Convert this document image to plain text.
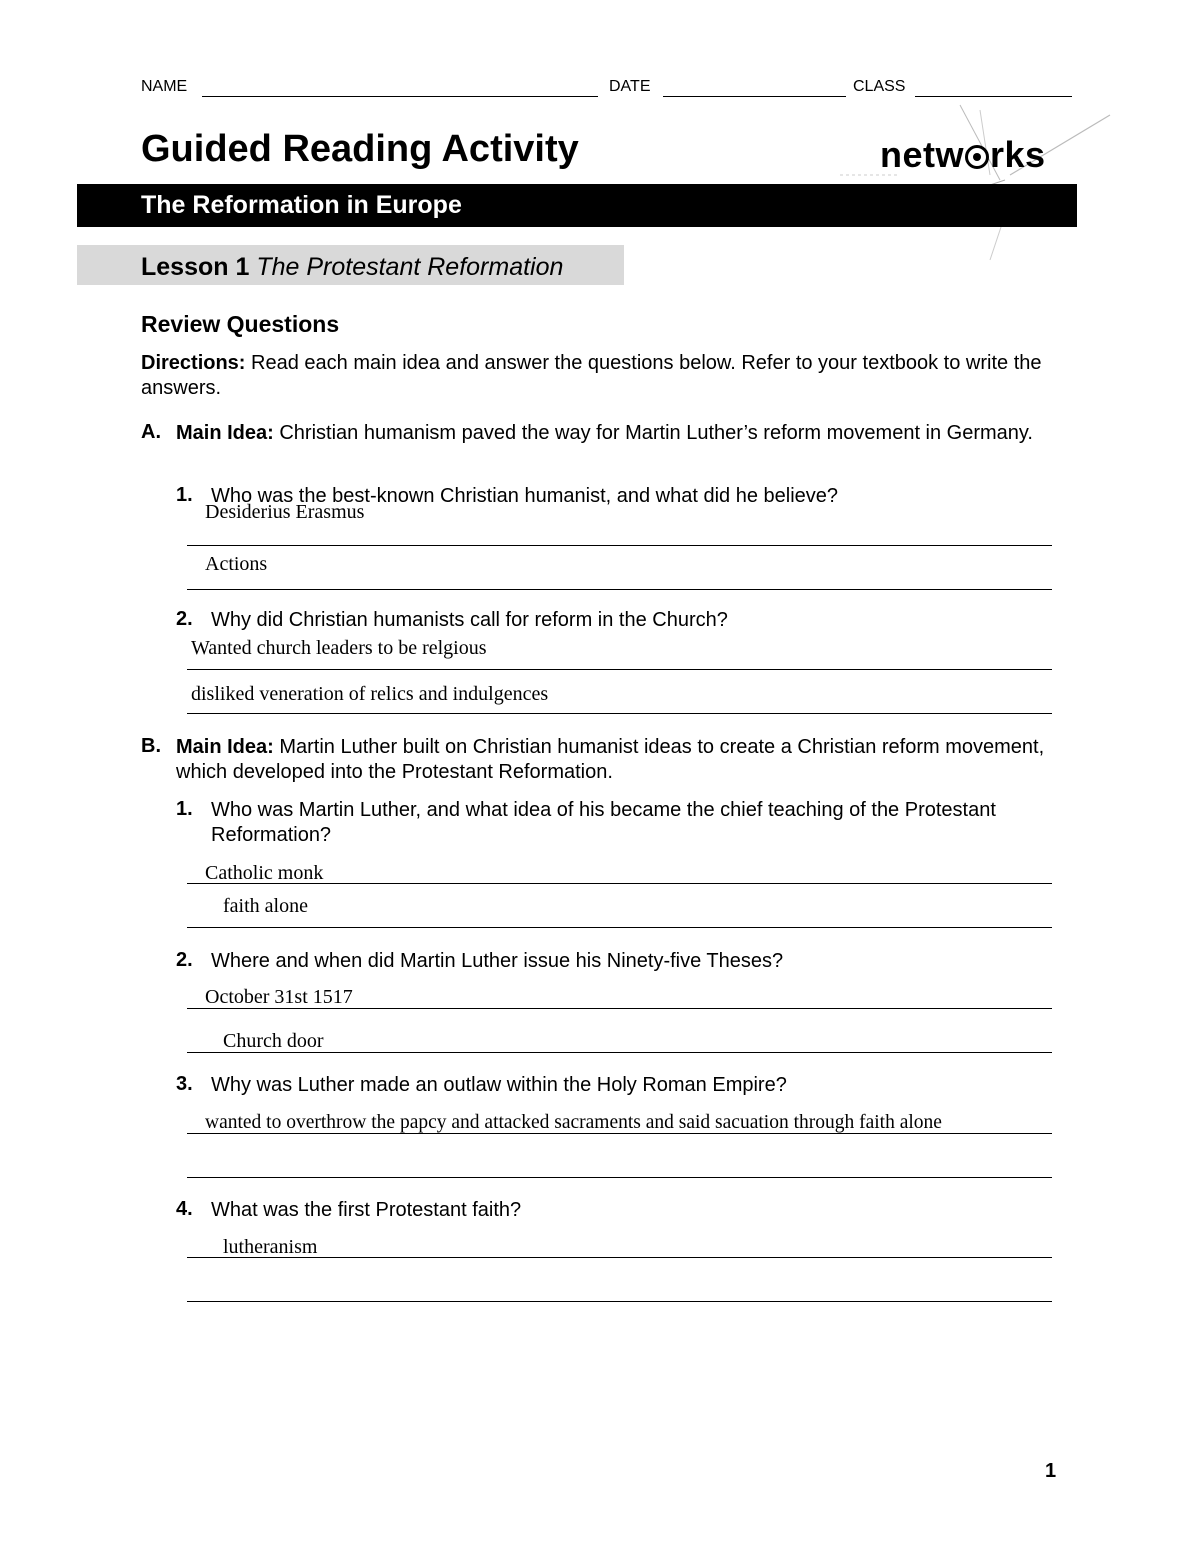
NAME	DATE	CLASS
Guided Reading Activity	netw rks
The Reformation in Europe
Lesson 1 The Protestant Reformation
Review Questions
Directions: Read each main idea and answer the questions below. Refer to your textbook to write the answers.
A. Main Idea: Christian humanism paved the way for Martin Luther’s reform movement in Germany.
1. Who was the best-known Christian humanist, and what did he believe?
Desiderius Erasmus
Actions
2. Why did Christian humanists call for reform in the Church?
Wanted church leaders to be relgious
disliked veneration of relics and indulgences
B. Main Idea: Martin Luther built on Christian humanist ideas to create a Christian reform movement, which developed into the Protestant Reformation.
1. Who was Martin Luther, and what idea of his became the chief teaching of the Protestant Reformation?
Catholic monk
faith alone
2. Where and when did Martin Luther issue his Ninety-five Theses?
October 31st 1517
Church door
3. Why was Luther made an outlaw within the Holy Roman Empire?
wanted to overthrow the papcy and attacked sacraments and said sacuation through faith alone
4. What was the first Protestant faith?
lutheranism
1
